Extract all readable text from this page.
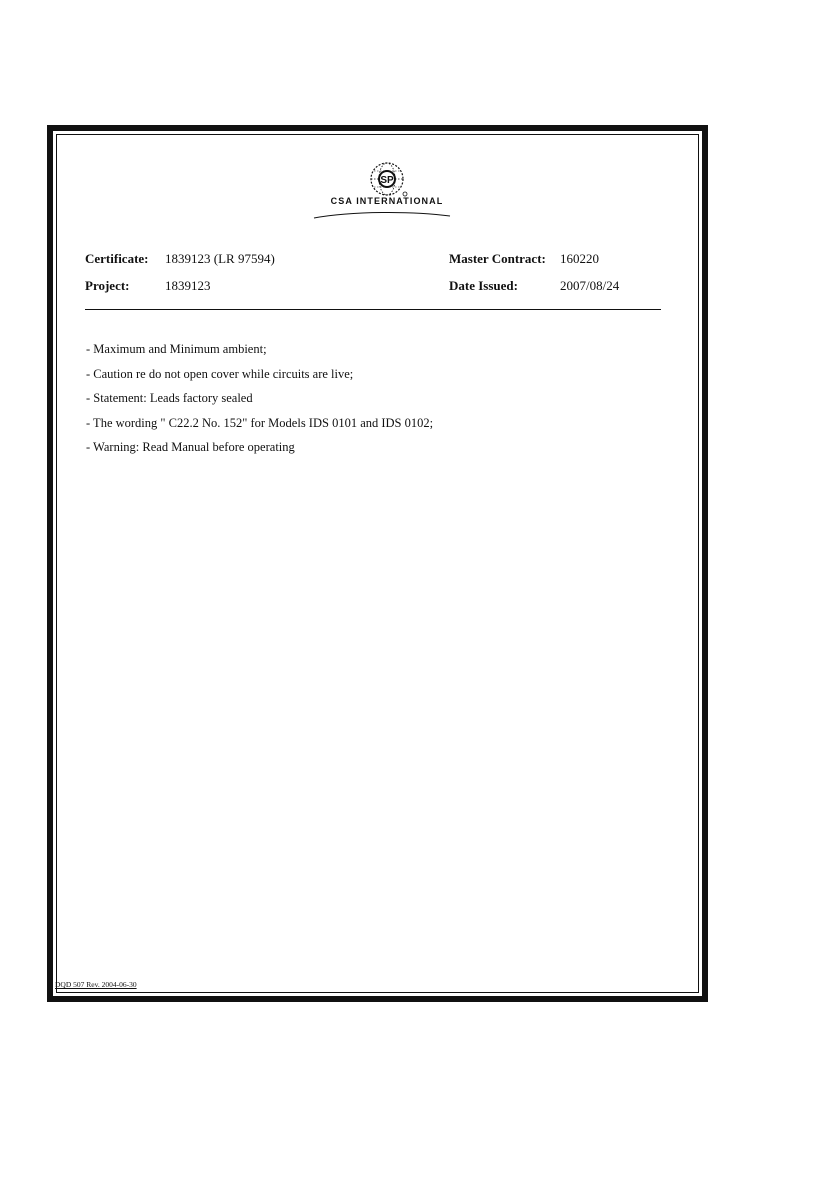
SP
CSA INTERNATIONAL
Certificate: 1839123 (LR 97594)	Master Contract: 160220
Project:	1839123	Date Issued:	2007/08/24
- Maximum and Minimum ambient;
- Caution re do not open cover while circuits are live;
- Statement: Leads factory sealed
- The wording " C22.2 No. 152" for Models IDS 0101 and IDS 0102;
- Warning: Read Manual before operating
DQD 507 Rev. 2004-06-30
